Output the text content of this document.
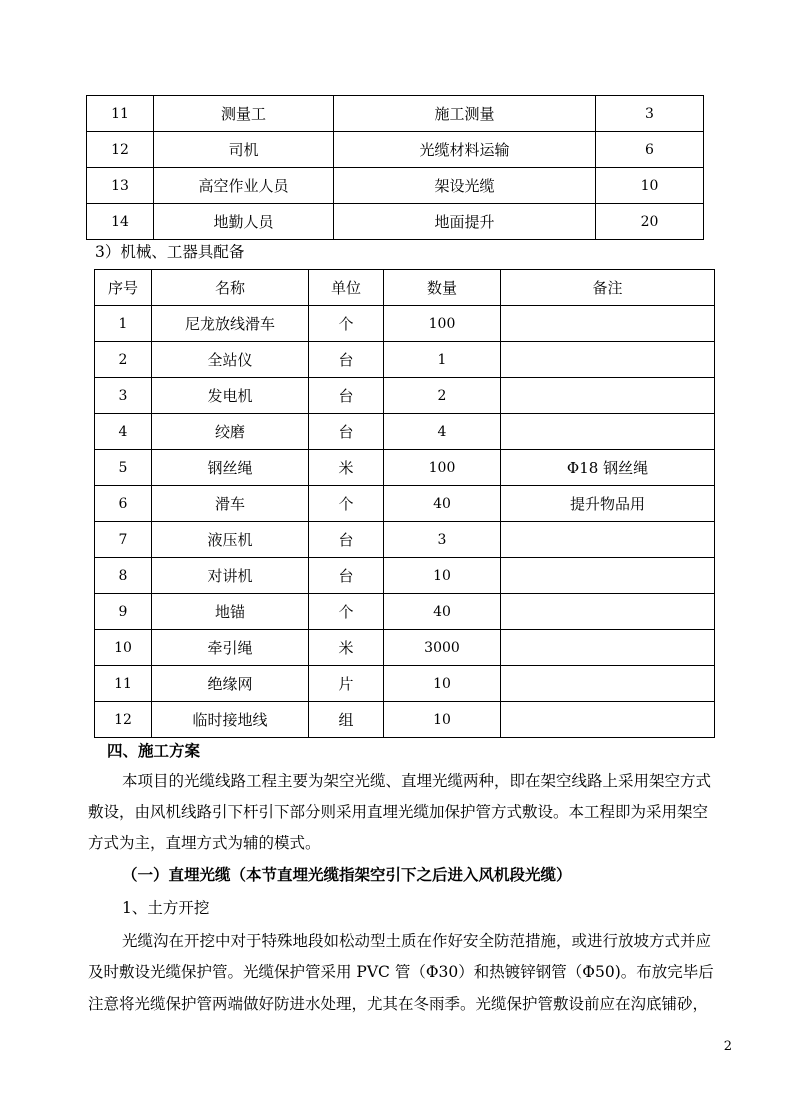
11	测量工	施工测量	3
12	司机	光缆材料运输	6
13	高空作业人员	架设光缆	10
14	地勤人员	地面提升	20
3）机械、工器具配备
序号	名称	单位	数量	备注
1	尼龙放线滑车	个	100	
2	全站仪	台	1	
3	发电机	台	2	
4	绞磨	台	4	
5	钢丝绳	米	100	Φ18 钢丝绳
6	滑车	个	40	提升物品用
7	液压机	台	3	
8	对讲机	台	10	
9	地锚	个	40	
10	牵引绳	米	3000	
11	绝缘网	片	10	
12	临时接地线	组	10	
四、施工方案
本项目的光缆线路工程主要为架空光缆、直埋光缆两种，即在架空线路上采用架空方式
敷设，由风机线路引下杆引下部分则采用直埋光缆加保护管方式敷设。本工程即为采用架空
方式为主，直埋方式为辅的模式。
（一）直埋光缆（本节直埋光缆指架空引下之后进入风机段光缆）
1、土方开挖
光缆沟在开挖中对于特殊地段如松动型土质在作好安全防范措施，或进行放坡方式并应
及时敷设光缆保护管。光缆保护管采用 PVC 管（Φ30）和热镀锌钢管（Φ50)。布放完毕后
注意将光缆保护管两端做好防进水处理，尤其在冬雨季。光缆保护管敷设前应在沟底铺砂，
2
